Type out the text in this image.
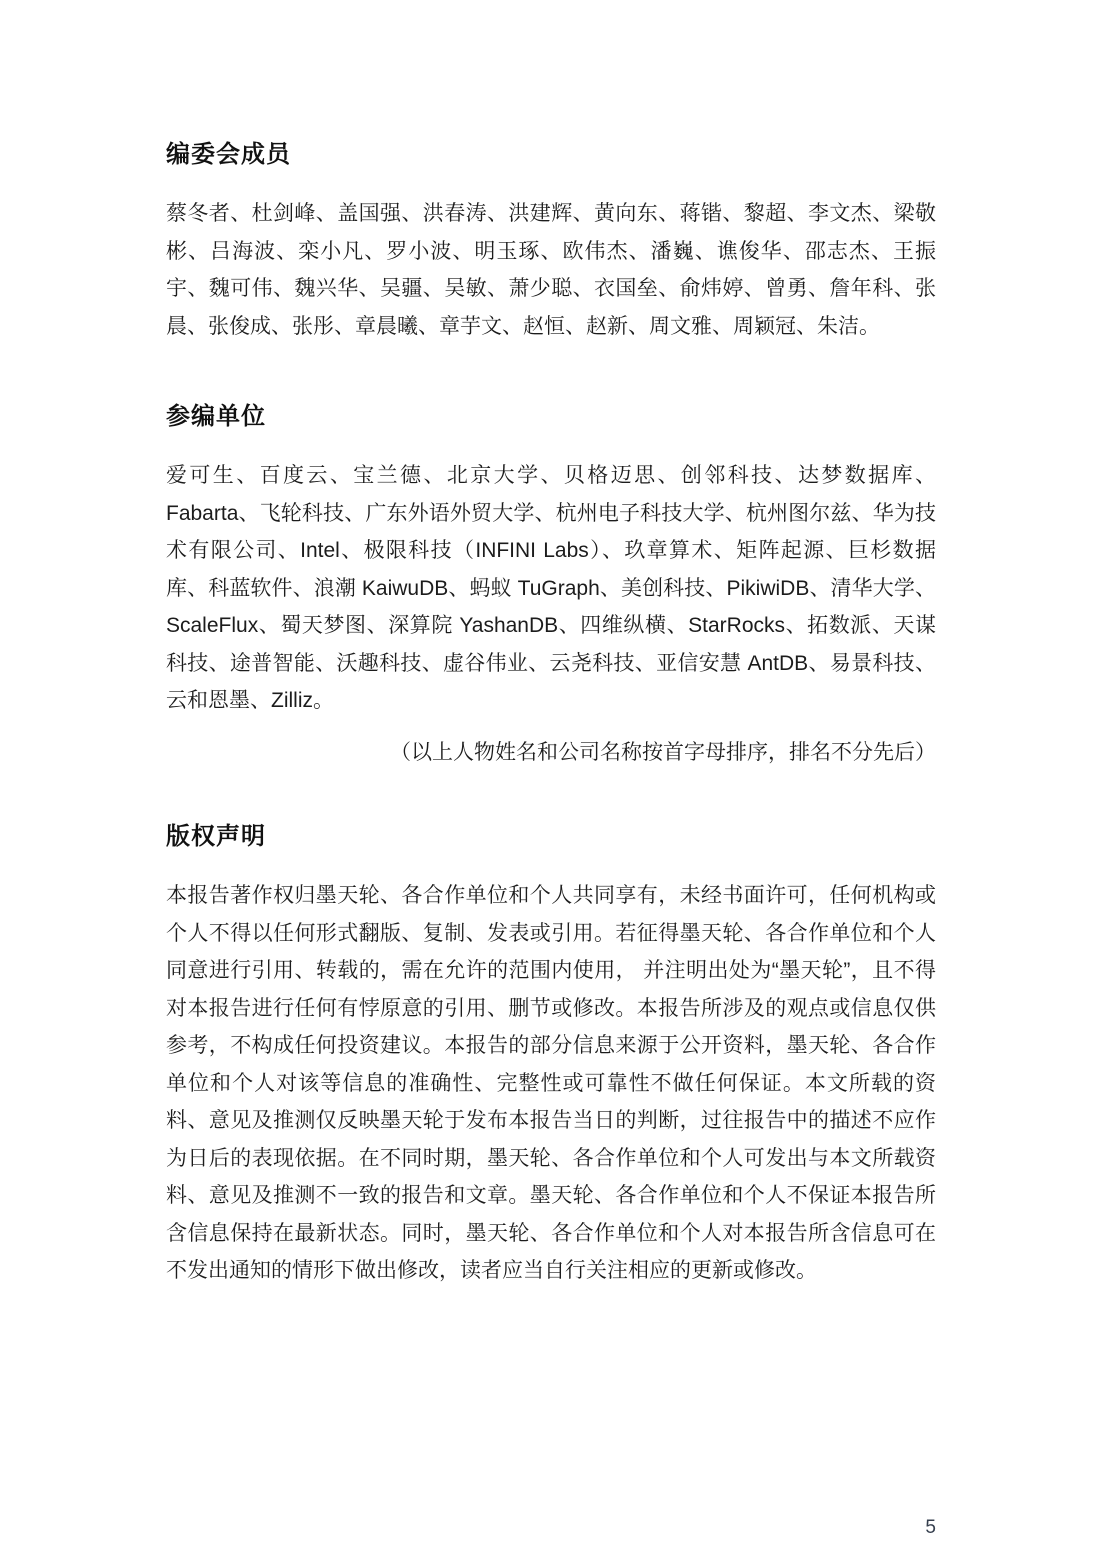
编委会成员

蔡冬者、杜剑峰、盖国强、洪春涛、洪建辉、黄向东、蒋锴、黎超、李文杰、梁敬彬、吕海波、栾小凡、罗小波、明玉琢、欧伟杰、潘巍、谯俊华、邵志杰、王振宇、魏可伟、魏兴华、吴疆、吴敏、萧少聪、衣国垒、俞炜婷、曾勇、詹年科、张晨、张俊成、张彤、章晨曦、章芋文、赵恒、赵新、周文雅、周颖冠、朱洁。

参编单位

爱可生、百度云、宝兰德、北京大学、贝格迈思、创邻科技、达梦数据库、Fabarta、飞轮科技、广东外语外贸大学、杭州电子科技大学、杭州图尔兹、华为技术有限公司、Intel、极限科技（INFINI Labs）、玖章算术、矩阵起源、巨杉数据库、科蓝软件、浪潮 KaiwuDB、蚂蚁 TuGraph、美创科技、PikiwiDB、清华大学、ScaleFlux、蜀天梦图、深算院 YashanDB、四维纵横、StarRocks、拓数派、天谋科技、途普智能、沃趣科技、虚谷伟业、云尧科技、亚信安慧 AntDB、易景科技、云和恩墨、Zilliz。

（以上人物姓名和公司名称按首字母排序，排名不分先后）

版权声明

本报告著作权归墨天轮、各合作单位和个人共同享有，未经书面许可，任何机构或个人不得以任何形式翻版、复制、发表或引用。若征得墨天轮、各合作单位和个人同意进行引用、转载的，需在允许的范围内使用， 并注明出处为“墨天轮”，且不得对本报告进行任何有悖原意的引用、删节或修改。本报告所涉及的观点或信息仅供参考，不构成任何投资建议。本报告的部分信息来源于公开资料，墨天轮、各合作单位和个人对该等信息的准确性、完整性或可靠性不做任何保证。本文所载的资料、意见及推测仅反映墨天轮于发布本报告当日的判断，过往报告中的描述不应作为日后的表现依据。在不同时期，墨天轮、各合作单位和个人可发出与本文所载资料、意见及推测不一致的报告和文章。墨天轮、各合作单位和个人不保证本报告所含信息保持在最新状态。同时，墨天轮、各合作单位和个人对本报告所含信息可在不发出通知的情形下做出修改，读者应当自行关注相应的更新或修改。

5
